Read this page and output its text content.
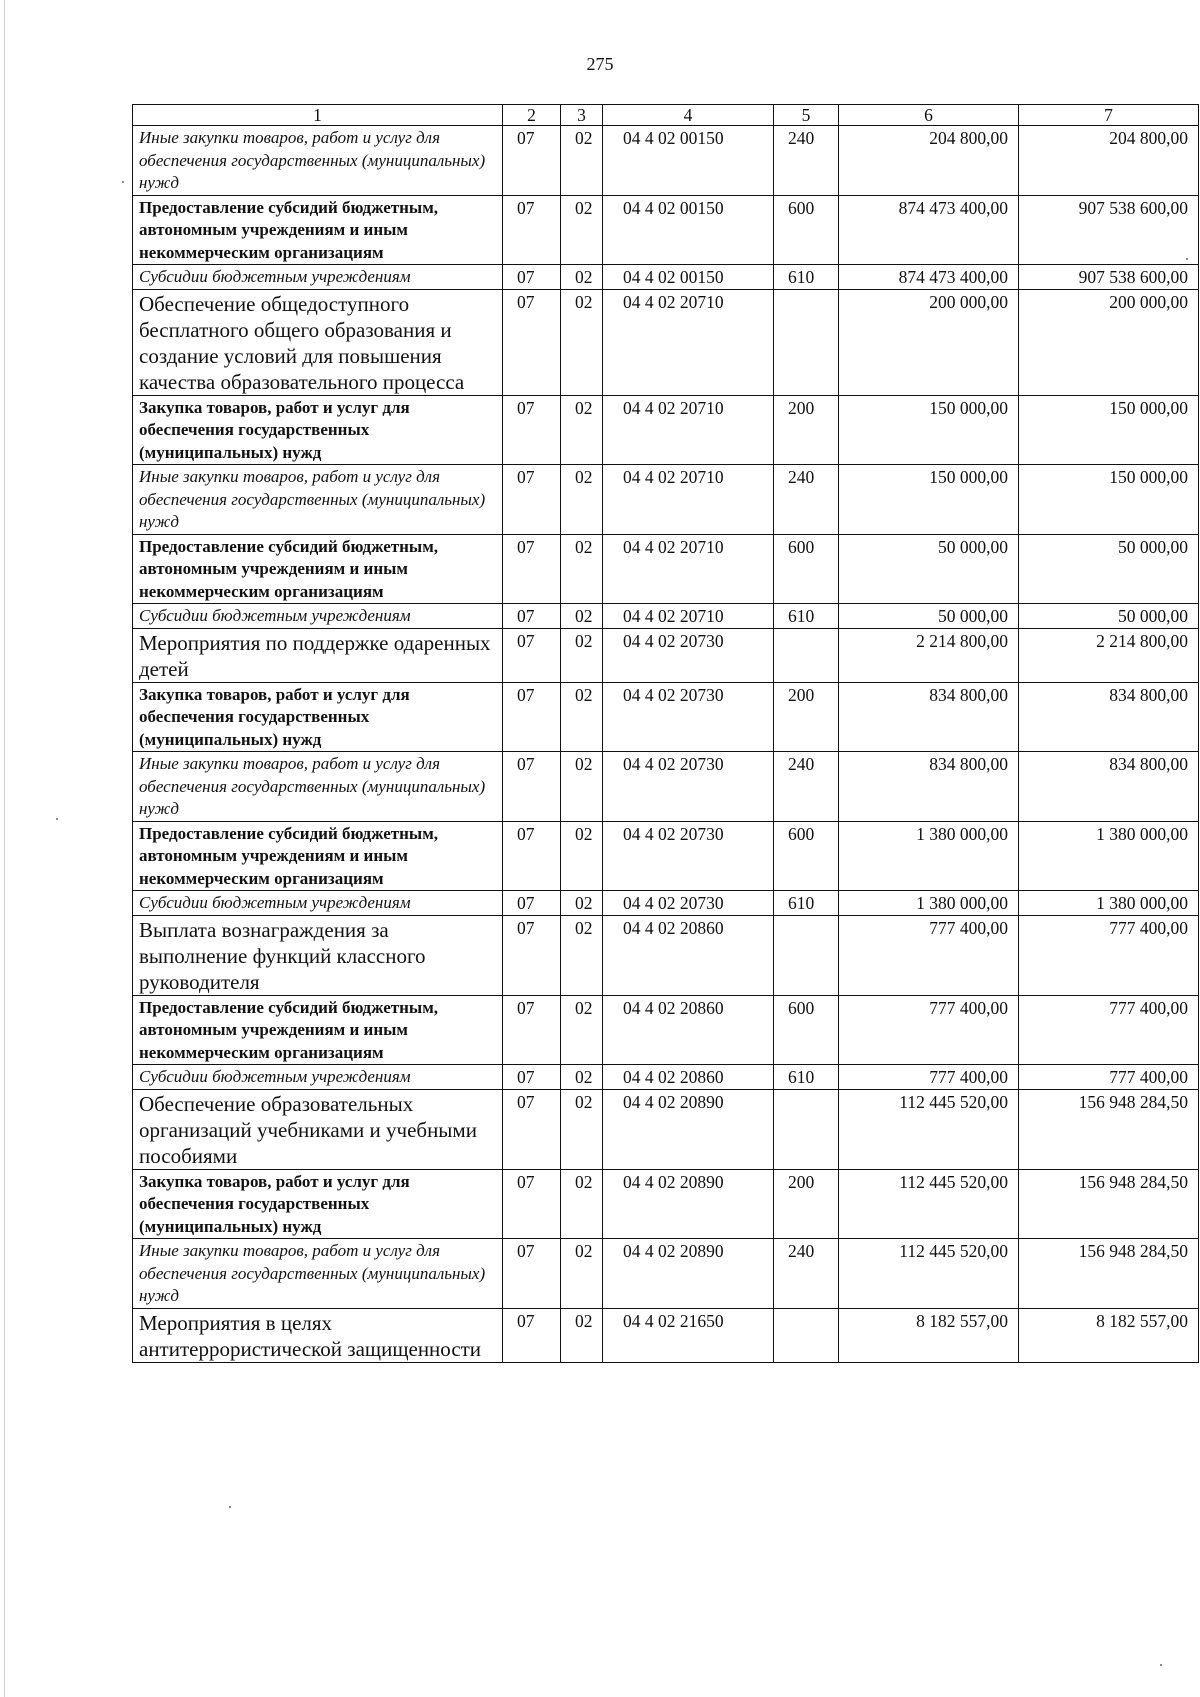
275
1	2	3	4	5	6	7
Иные закупки товаров, работ и услуг для обеспечения государственных (муниципальных) нужд	07	02	04 4 02 00150	240	204 800,00	204 800,00
Предоставление субсидий бюджетным, автономным учреждениям и иным некоммерческим организациям	07	02	04 4 02 00150	600	874 473 400,00	907 538 600,00
Субсидии бюджетным учреждениям	07	02	04 4 02 00150	610	874 473 400,00	907 538 600,00
Обеспечение общедоступного бесплатного общего образования и создание условий для повышения качества образовательного процесса	07	02	04 4 02 20710		200 000,00	200 000,00
Закупка товаров, работ и услуг для обеспечения государственных (муниципальных) нужд	07	02	04 4 02 20710	200	150 000,00	150 000,00
Иные закупки товаров, работ и услуг для обеспечения государственных (муниципальных) нужд	07	02	04 4 02 20710	240	150 000,00	150 000,00
Предоставление субсидий бюджетным, автономным учреждениям и иным некоммерческим организациям	07	02	04 4 02 20710	600	50 000,00	50 000,00
Субсидии бюджетным учреждениям	07	02	04 4 02 20710	610	50 000,00	50 000,00
Мероприятия по поддержке одаренных детей	07	02	04 4 02 20730		2 214 800,00	2 214 800,00
Закупка товаров, работ и услуг для обеспечения государственных (муниципальных) нужд	07	02	04 4 02 20730	200	834 800,00	834 800,00
Иные закупки товаров, работ и услуг для обеспечения государственных (муниципальных) нужд	07	02	04 4 02 20730	240	834 800,00	834 800,00
Предоставление субсидий бюджетным, автономным учреждениям и иным некоммерческим организациям	07	02	04 4 02 20730	600	1 380 000,00	1 380 000,00
Субсидии бюджетным учреждениям	07	02	04 4 02 20730	610	1 380 000,00	1 380 000,00
Выплата вознаграждения за выполнение функций классного руководителя	07	02	04 4 02 20860		777 400,00	777 400,00
Предоставление субсидий бюджетным, автономным учреждениям и иным некоммерческим организациям	07	02	04 4 02 20860	600	777 400,00	777 400,00
Субсидии бюджетным учреждениям	07	02	04 4 02 20860	610	777 400,00	777 400,00
Обеспечение образовательных организаций учебниками и учебными пособиями	07	02	04 4 02 20890		112 445 520,00	156 948 284,50
Закупка товаров, работ и услуг для обеспечения государственных (муниципальных) нужд	07	02	04 4 02 20890	200	112 445 520,00	156 948 284,50
Иные закупки товаров, работ и услуг для обеспечения государственных (муниципальных) нужд	07	02	04 4 02 20890	240	112 445 520,00	156 948 284,50
Мероприятия в целях антитеррористической защищенности	07	02	04 4 02 21650		8 182 557,00	8 182 557,00
